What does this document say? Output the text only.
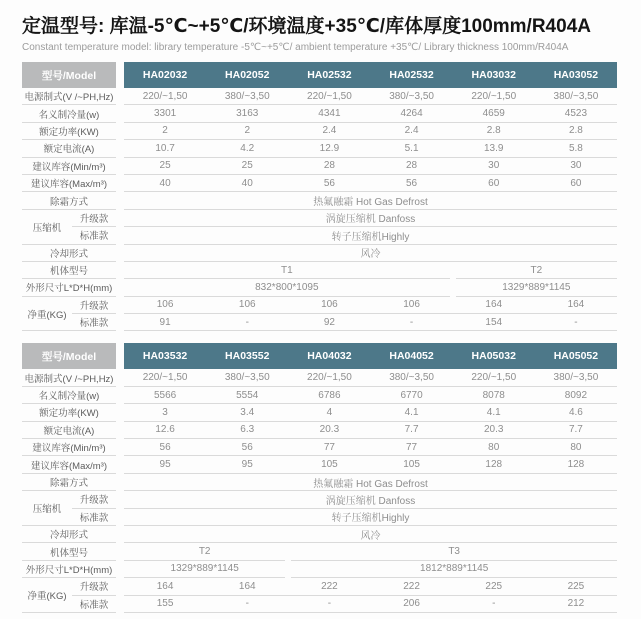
定温型号: 库温-5℃~+5℃/环境温度+35℃/库体厚度100mm/R404A
Constant temperature model: library temperature -5℃~+5℃/ ambient temperature +35℃/ Library thickness 100mm/R404A
型号/Model	HA02032	HA02052	HA02532	HA02532	HA03032	HA03052
电源制式(V /~PH,Hz)	220/~1,50	380/~3,50	220/~1,50	380/~3,50	220/~1,50	380/~3,50
名义制冷量(w)	3301	3163	4341	4264	4659	4523
额定功率(KW)	2	2	2.4	2.4	2.8	2.8
额定电流(A)	10.7	4.2	12.9	5.1	13.9	5.8
建议库容(Min/m³)	25	25	28	28	30	30
建议库容(Max/m³)	40	40	56	56	60	60
除霜方式	热氟融霜 Hot Gas Defrost
压缩机
升级款	涡旋压缩机 Danfoss
标准款	转子压缩机Highly
冷却形式	风冷
机体型号	T1	T2
外形尺寸L*D*H(mm)	832*800*1095	1329*889*1145
净重(KG)
升级款	106	106	106	106	164	164
标准款	91	-	92	-	154	-
型号/Model	HA03532	HA03552	HA04032	HA04052	HA05032	HA05052
电源制式(V /~PH,Hz)	220/~1,50	380/~3,50	220/~1,50	380/~3,50	220/~1,50	380/~3,50
名义制冷量(w)	5566	5554	6786	6770	8078	8092
额定功率(KW)	3	3.4	4	4.1	4.1	4.6
额定电流(A)	12.6	6.3	20.3	7.7	20.3	7.7
建议库容(Min/m³)	56	56	77	77	80	80
建议库容(Max/m³)	95	95	105	105	128	128
除霜方式	热氟融霜 Hot Gas Defrost
压缩机
升级款	涡旋压缩机 Danfoss
标准款	转子压缩机Highly
冷却形式	风冷
机体型号	T2	T3
外形尺寸L*D*H(mm)	1329*889*1145	1812*889*1145
净重(KG)
升级款	164	164	222	222	225	225
标准款	155	-	-	206	-	212
